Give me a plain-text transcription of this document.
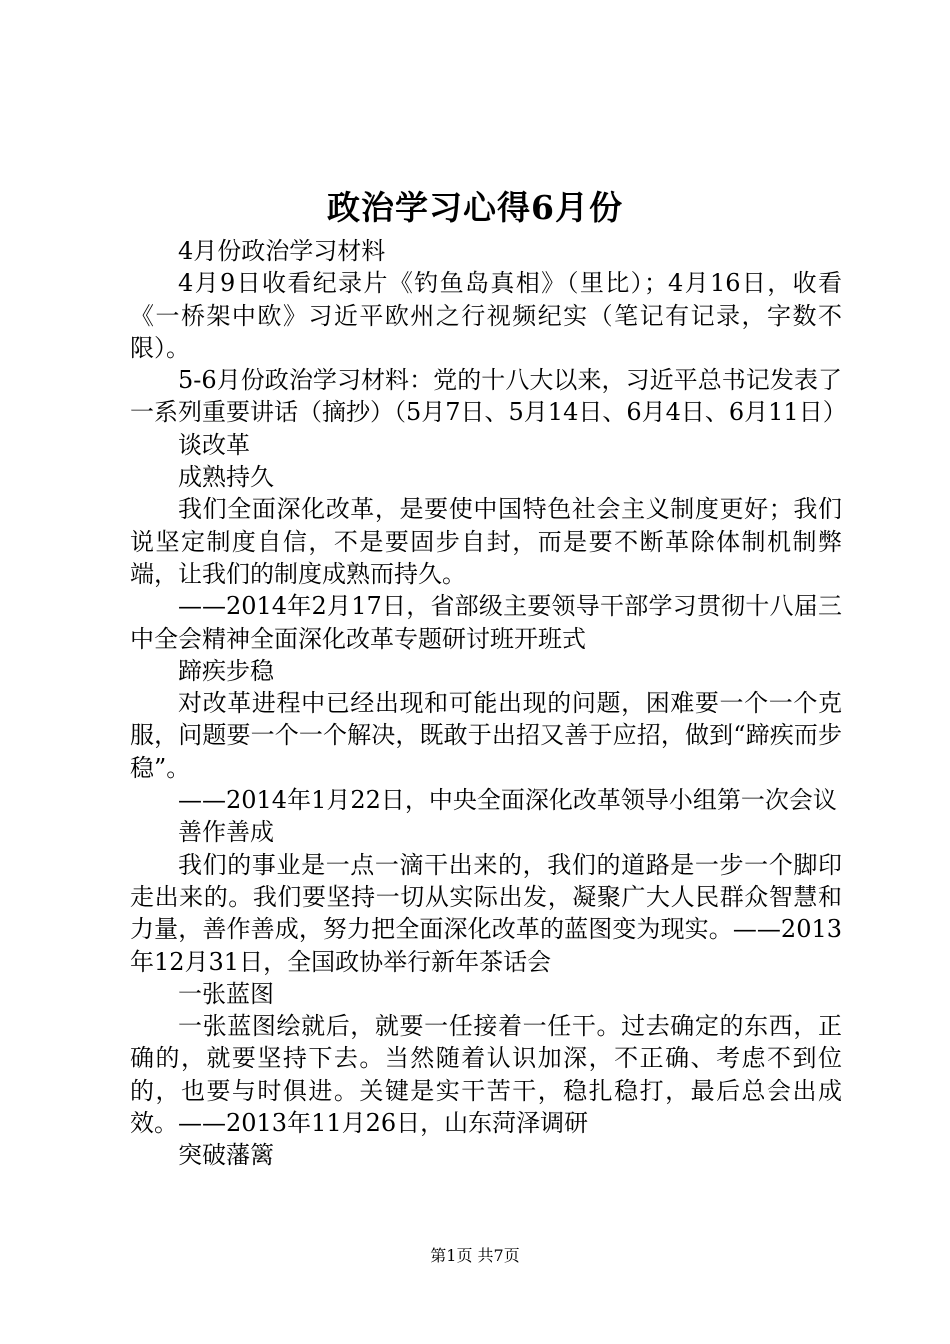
政治学习心得6月份

4月份政治学习材料

4月9日收看纪录片《钓鱼岛真相》（里比）；4月16日，收看《一桥架中欧》习近平欧州之行视频纪实（笔记有记录，字数不限）。

5-6月份政治学习材料：党的十八大以来，习近平总书记发表了一系列重要讲话（摘抄）（5月7日、5月14日、6月4日、6月11日）

谈改革

成熟持久

我们全面深化改革，是要使中国特色社会主义制度更好；我们说坚定制度自信，不是要固步自封，而是要不断革除体制机制弊端，让我们的制度成熟而持久。

——2014年2月17日，省部级主要领导干部学习贯彻十八届三中全会精神全面深化改革专题研讨班开班式

蹄疾步稳

对改革进程中已经出现和可能出现的问题，困难要一个一个克服，问题要一个一个解决，既敢于出招又善于应招，做到“蹄疾而步稳”。

——2014年1月22日，中央全面深化改革领导小组第一次会议

善作善成

我们的事业是一点一滴干出来的，我们的道路是一步一个脚印走出来的。我们要坚持一切从实际出发，凝聚广大人民群众智慧和力量，善作善成，努力把全面深化改革的蓝图变为现实。——2013年12月31日，全国政协举行新年茶话会

一张蓝图

一张蓝图绘就后，就要一任接着一任干。过去确定的东西，正确的，就要坚持下去。当然随着认识加深，不正确、考虑不到位的，也要与时俱进。关键是实干苦干，稳扎稳打，最后总会出成效。——2013年11月26日，山东菏泽调研

突破藩篱

第1页 共7页
